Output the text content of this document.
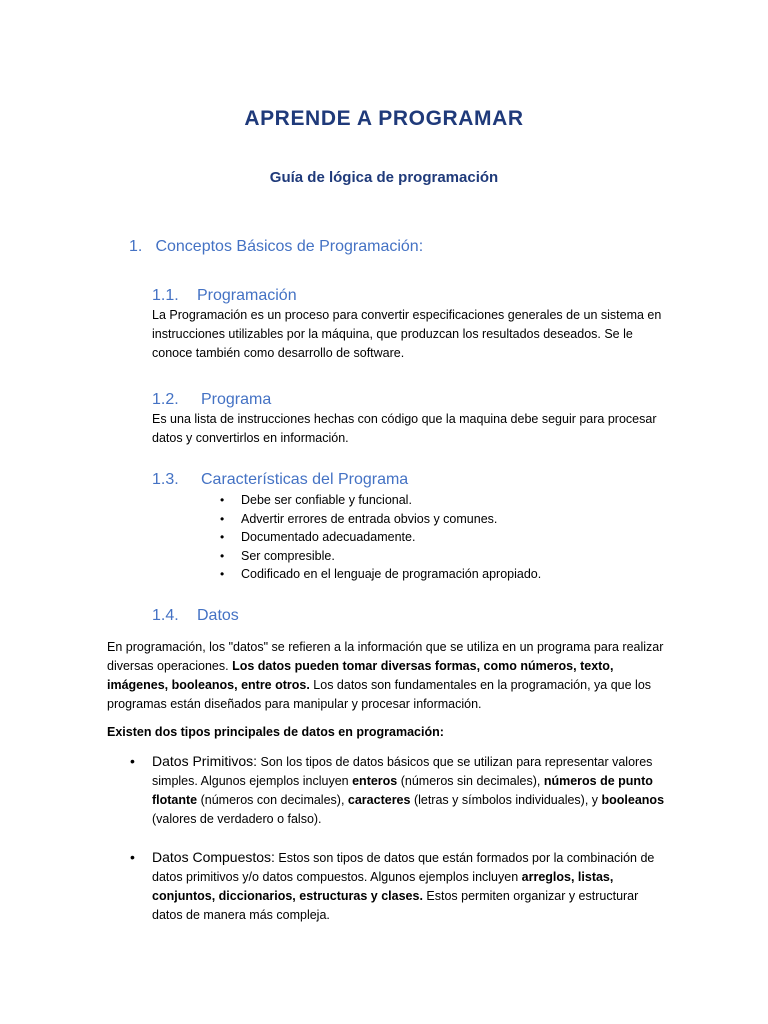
APRENDE A PROGRAMAR
Guía de lógica de programación
1. Conceptos Básicos de Programación:
1.1. Programación
La Programación es un proceso para convertir especificaciones generales de un sistema en instrucciones utilizables por la máquina, que produzcan los resultados deseados. Se le conoce también como desarrollo de software.
1.2. Programa
Es una lista de instrucciones hechas con código que la maquina debe seguir para procesar datos y convertirlos en información.
1.3. Características del Programa
• Debe ser confiable y funcional.
• Advertir errores de entrada obvios y comunes.
• Documentado adecuadamente.
• Ser compresible.
• Codificado en el lenguaje de programación apropiado.
1.4. Datos
En programación, los "datos" se refieren a la información que se utiliza en un programa para realizar diversas operaciones. Los datos pueden tomar diversas formas, como números, texto, imágenes, booleanos, entre otros. Los datos son fundamentales en la programación, ya que los programas están diseñados para manipular y procesar información.
Existen dos tipos principales de datos en programación:
• Datos Primitivos: Son los tipos de datos básicos que se utilizan para representar valores simples. Algunos ejemplos incluyen enteros (números sin decimales), números de punto flotante (números con decimales), caracteres (letras y símbolos individuales), y booleanos (valores de verdadero o falso).
• Datos Compuestos: Estos son tipos de datos que están formados por la combinación de datos primitivos y/o datos compuestos. Algunos ejemplos incluyen arreglos, listas, conjuntos, diccionarios, estructuras y clases. Estos permiten organizar y estructurar datos de manera más compleja.
